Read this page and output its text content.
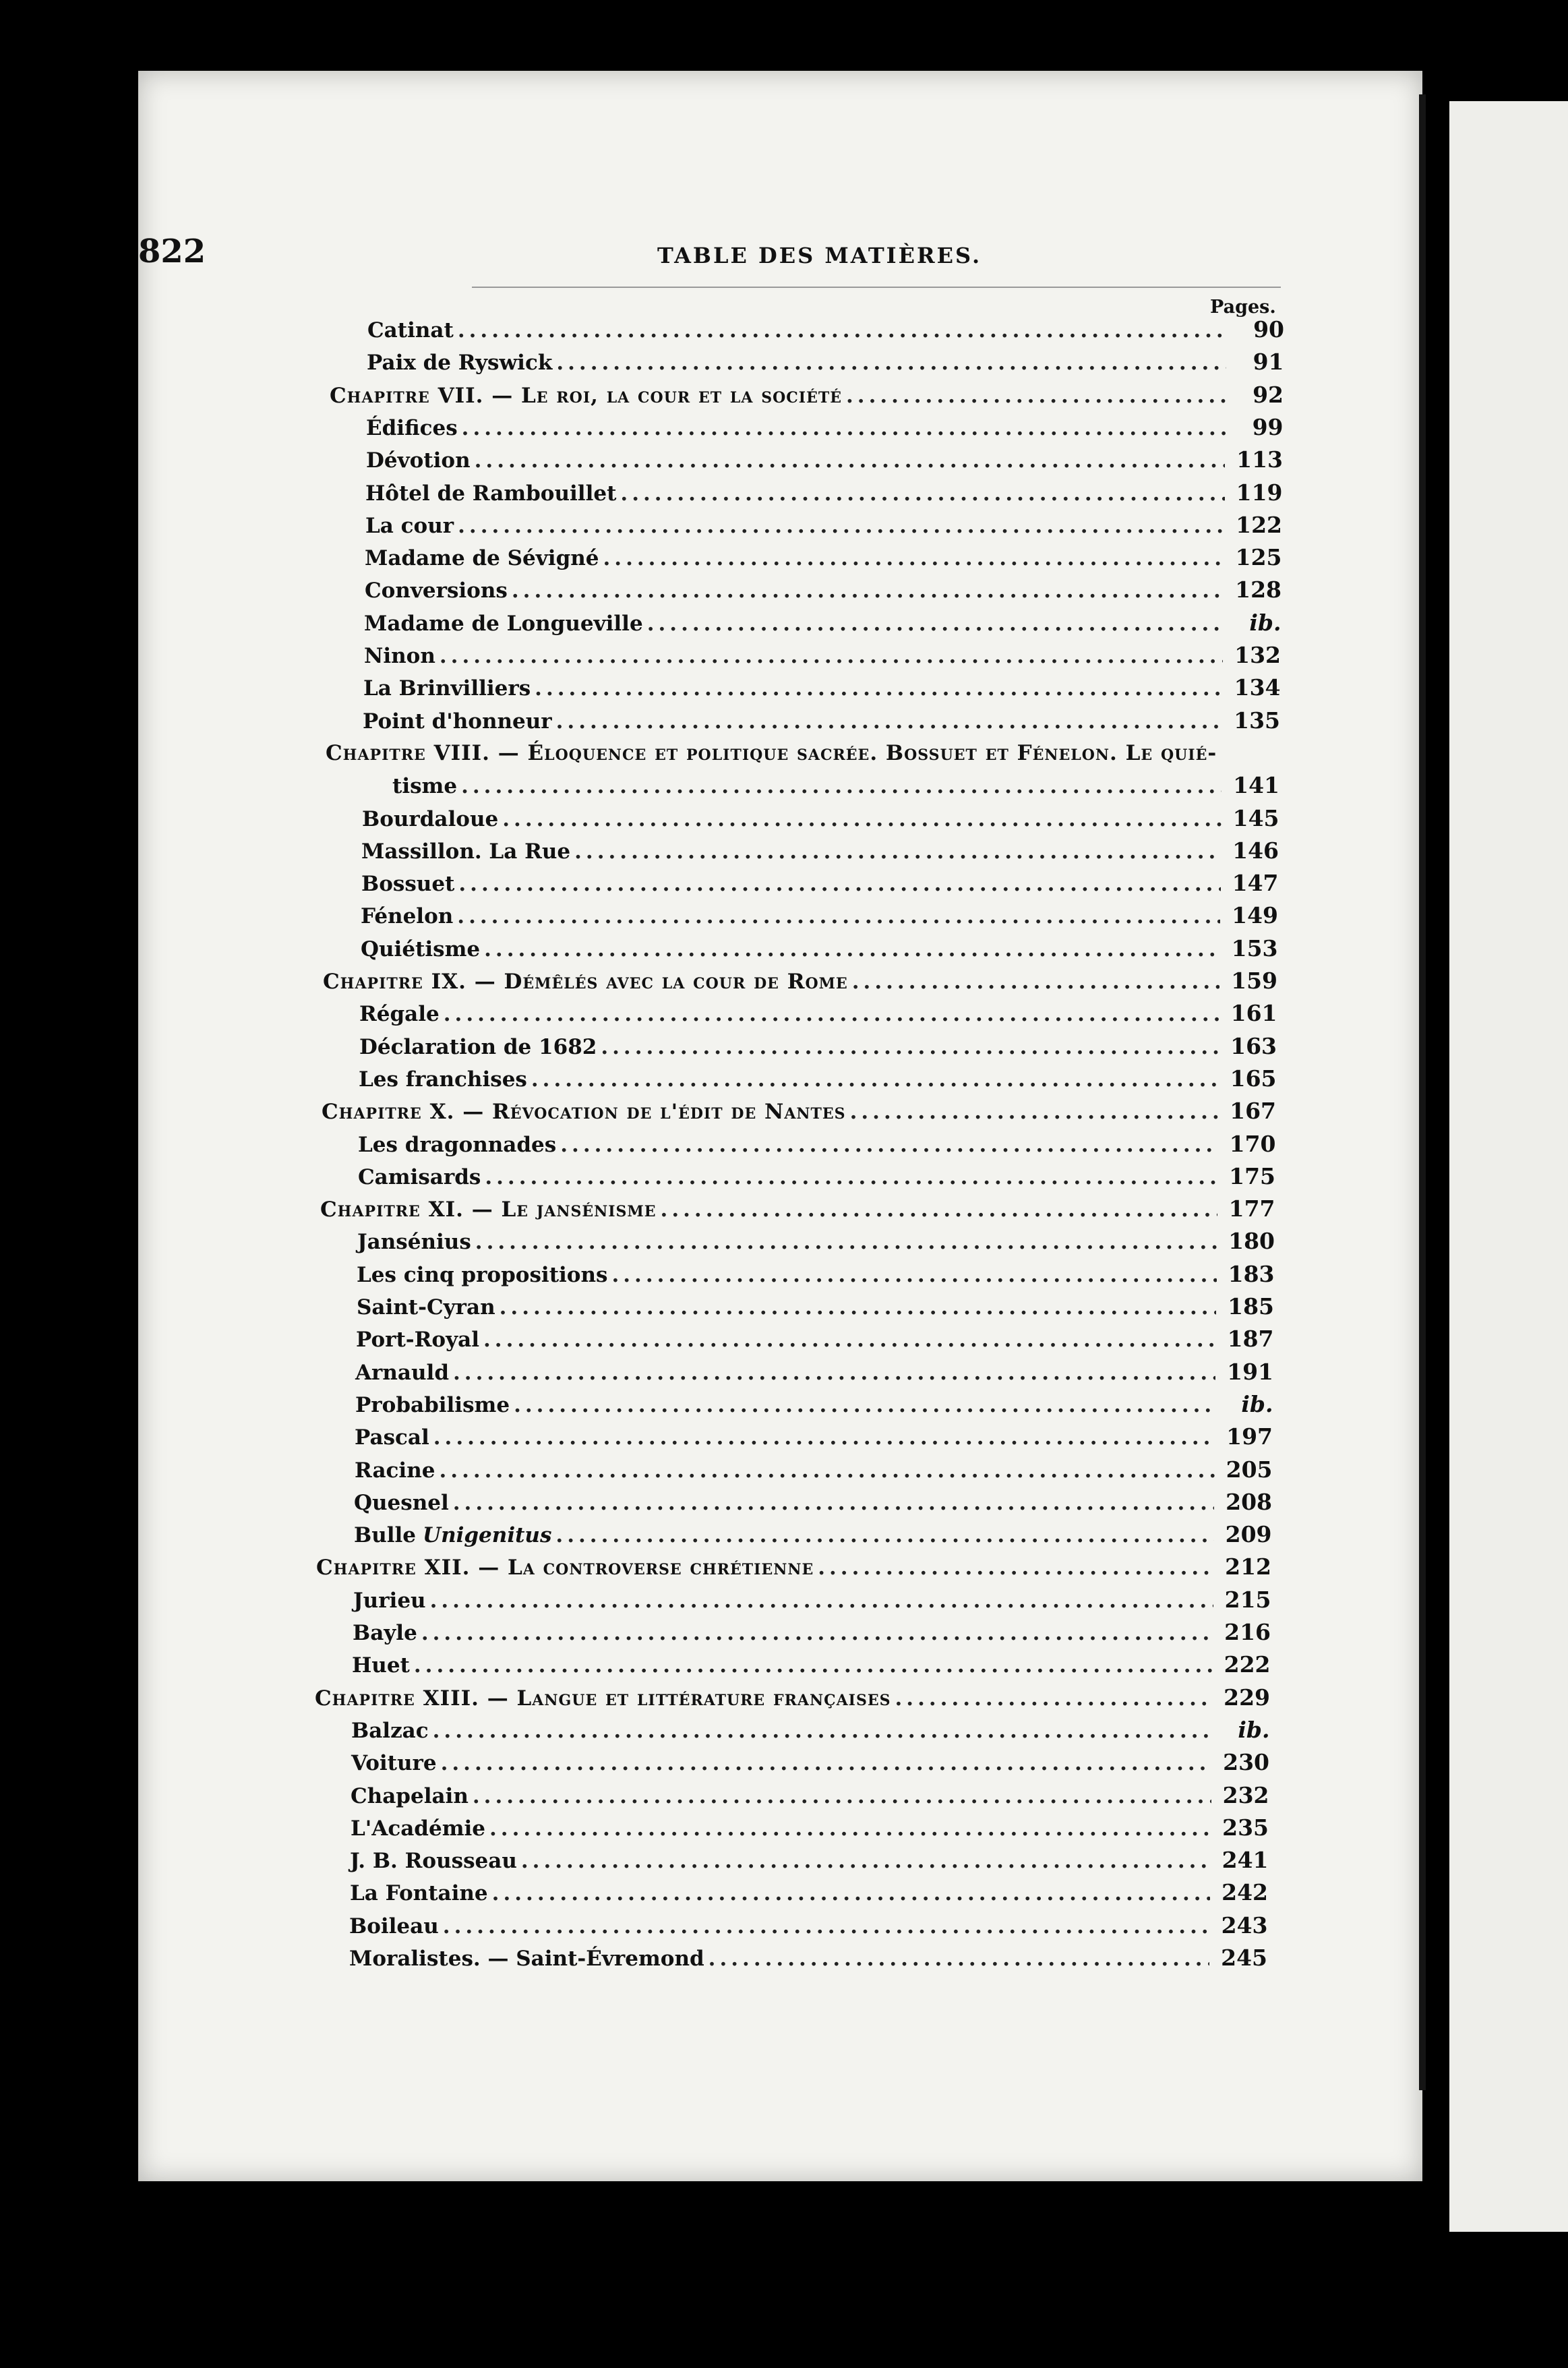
822	TABLE DES MATIÈRES.
Pages.
Catinat .....	90
Paix de Ryswick .....	91
Chapitre VII. — Le roi, la cour et la société .....	92
Édifices .....	99
Dévotion .....	113
Hôtel de Rambouillet .....	119
La cour .....	122
Madame de Sévigné .....	125
Conversions .....	128
Madame de Longueville .....	ib.
Ninon .....	132
La Brinvilliers .....	134
Point d'honneur .....	135
Chapitre VIII. — Éloquence et politique sacrée. Bossuet et Fénelon. Le quié-
tisme .....	141
Bourdaloue .....	145
Massillon. La Rue .....	146
Bossuet .....	147
Fénelon .....	149
Quiétisme .....	153
Chapitre IX. — Démêlés avec la cour de Rome .....	159
Régale .....	161
Déclaration de 1682 .....	163
Les franchises .....	165
Chapitre X. — Révocation de l'édit de Nantes .....	167
Les dragonnades .....	170
Camisards .....	175
Chapitre XI. — Le jansénisme .....	177
Jansénius .....	180
Les cinq propositions .....	183
Saint-Cyran .....	185
Port-Royal .....	187
Arnauld .....	191
Probabilisme .....	ib.
Pascal .....	197
Racine .....	205
Quesnel .....	208
Bulle Unigenitus .....	209
Chapitre XII. — La controverse chrétienne .....	212
Jurieu .....	215
Bayle .....	216
Huet .....	222
Chapitre XIII. — Langue et littérature françaises .....	229
Balzac .....	ib.
Voiture .....	230
Chapelain .....	232
L'Académie .....	235
J. B. Rousseau .....	241
La Fontaine .....	242
Boileau .....	243
Moralistes. — Saint-Évremond .....	245
